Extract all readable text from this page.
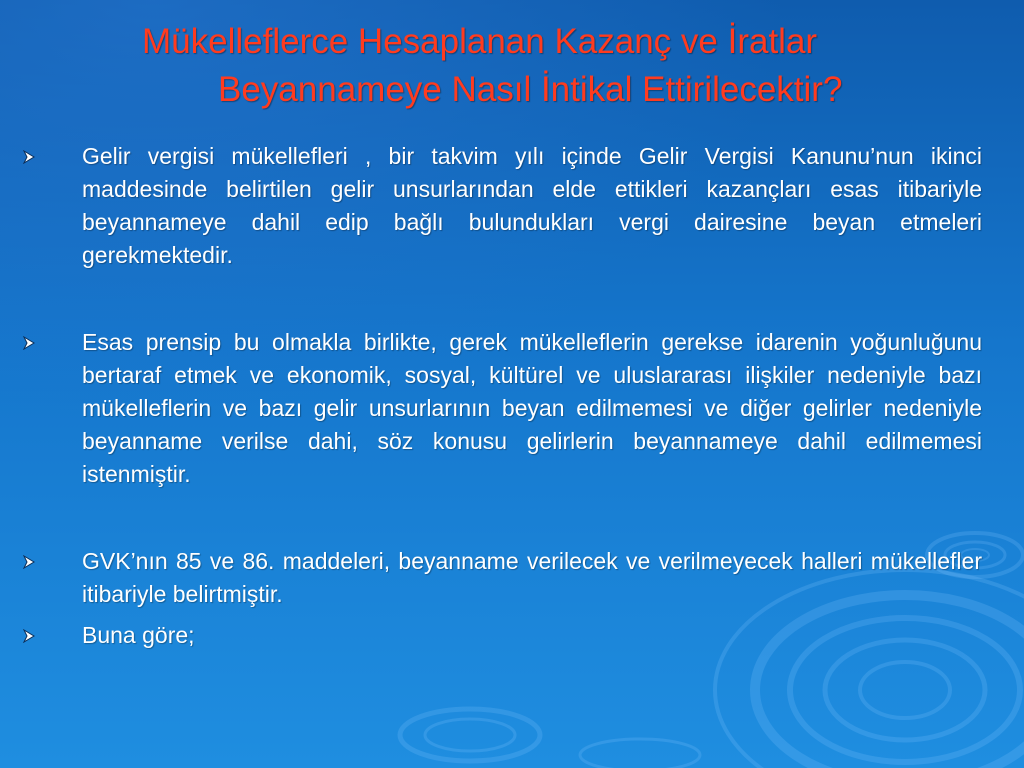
Mükelleflerce Hesaplanan Kazanç ve İratlar
Beyannameye Nasıl İntikal Ettirilecektir?
Gelir vergisi mükellefleri , bir takvim yılı içinde Gelir Vergisi Kanunu’nun ikinci maddesinde belirtilen gelir unsurlarından elde ettikleri kazançları esas itibariyle beyannameye dahil edip bağlı bulundukları vergi dairesine beyan etmeleri gerekmektedir.
Esas prensip bu olmakla birlikte, gerek mükelleflerin gerekse idarenin yoğunluğunu bertaraf etmek ve ekonomik, sosyal, kültürel ve uluslararası ilişkiler nedeniyle bazı mükelleflerin ve bazı gelir unsurlarının beyan edilmemesi ve diğer gelirler nedeniyle beyanname verilse dahi, söz konusu gelirlerin beyannameye dahil edilmemesi istenmiştir.
GVK’nın 85 ve 86. maddeleri, beyanname verilecek ve verilmeyecek halleri mükellefler itibariyle belirtmiştir.
Buna göre;
